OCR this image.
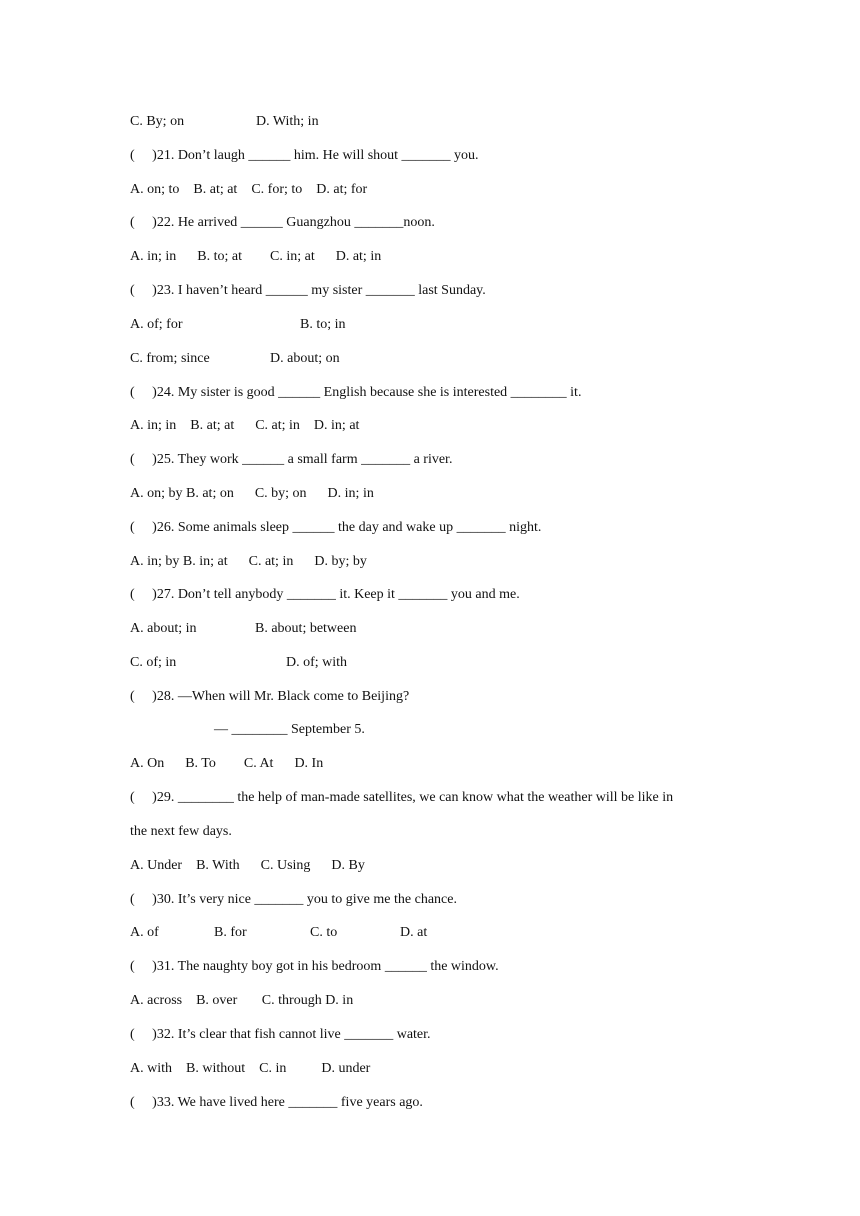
C. By; on

	D. With; in

(     )21. Don’t laugh ______ him. He will shout _______ you.
A. on; to    B. at; at    C. for; to    D. at; for
(     )22. He arrived ______ Guangzhou _______noon.
A. in; in      B. to; at        C. in; at      D. at; in
(     )23. I haven’t heard ______ my sister _______ last Sunday.

A. of; for

	B. to; in

C. from; since

	D. about; on

(     )24. My sister is good ______ English because she is interested ________ it.
A. in; in    B. at; at      C. at; in    D. in; at
(     )25. They work ______ a small farm _______ a river.
A. on; by B. at; on      C. by; on      D. in; in
(     )26. Some animals sleep ______ the day and wake up _______ night.
A. in; by B. in; at      C. at; in      D. by; by
(     )27. Don’t tell anybody _______ it. Keep it _______ you and me.

A. about; in

	B. about; between

C. of; in

	D. of; with

(     )28. —When will Mr. Black come to Beijing?
— ________ September 5.
A. On      B. To        C. At      D. In
(     )29. ________ the help of man-made satellites, we can know what the weather will be like in
the next few days.
A. Under    B. With      C. Using      D. By
(     )30. It’s very nice _______ you to give me the chance.

A. of

	B. for

	C. to

	D. at

(     )31. The naughty boy got in his bedroom ______ the window.
A. across    B. over       C. through D. in
(     )32. It’s clear that fish cannot live _______ water.
A. with    B. without    C. in          D. under
(     )33. We have lived here _______ five years ago.
